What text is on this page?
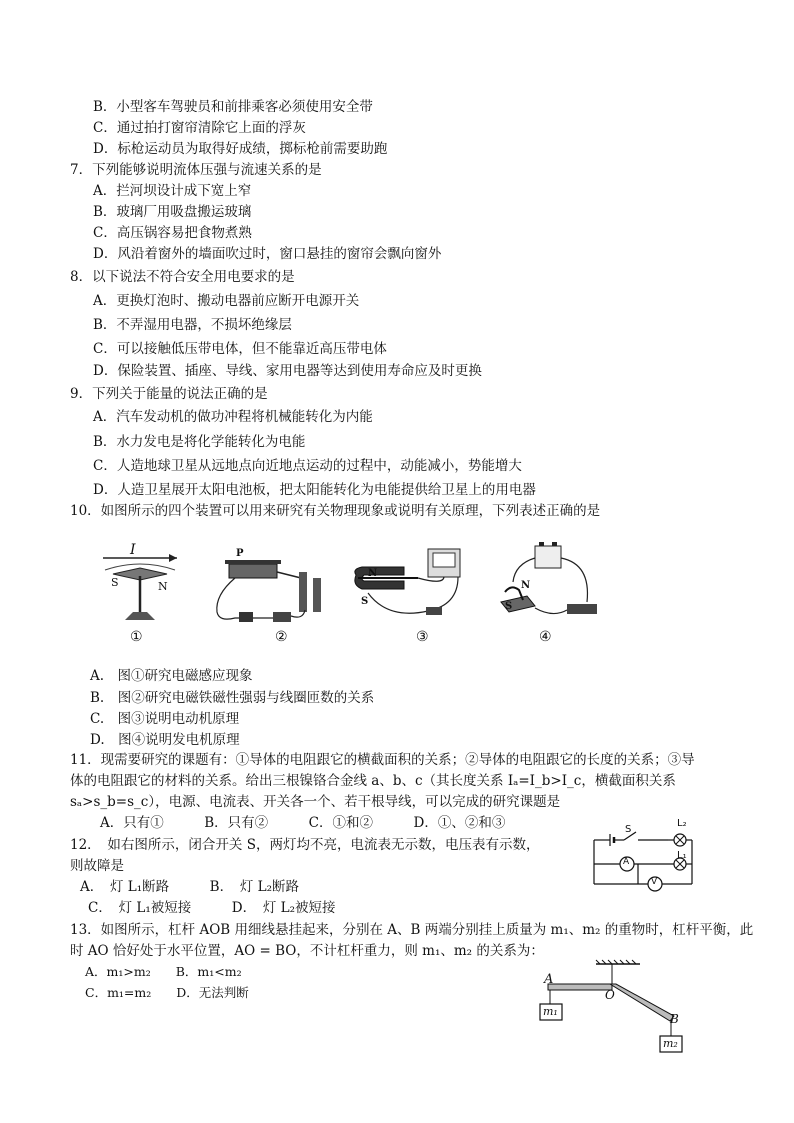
B．小型客车驾驶员和前排乘客必须使用安全带
C．通过拍打窗帘清除它上面的浮灰
D．标枪运动员为取得好成绩，掷标枪前需要助跑
7．下列能够说明流体压强与流速关系的是
A．拦河坝设计成下宽上窄
B．玻璃厂用吸盘搬运玻璃
C．高压锅容易把食物煮熟
D．风沿着窗外的墙面吹过时，窗口悬挂的窗帘会飘向窗外
8．以下说法不符合安全用电要求的是
A．更换灯泡时、搬动电器前应断开电源开关
B．不弄湿用电器，不损坏绝缘层
C．可以接触低压带电体，但不能靠近高压带电体
D．保险装置、插座、导线、家用电器等达到使用寿命应及时更换
9．下列关于能量的说法正确的是
A．汽车发动机的做功冲程将机械能转化为内能
B．水力发电是将化学能转化为电能
C．人造地球卫星从远地点向近地点运动的过程中，动能减小，势能增大
D．人造卫星展开太阳电池板，把太阳能转化为电能提供给卫星上的用电器
10．如图所示的四个装置可以用来研究有关物理现象或说明有关原理，下列表述正确的是
I
S	N
P
N
S
N
S
①	②	③	④
A.　图①研究电磁感应现象
B.　图②研究电磁铁磁性强弱与线圈匝数的关系
C.　图③说明电动机原理
D.　图④说明发电机原理
11．现需要研究的课题有：①导体的电阻跟它的横截面积的关系；②导体的电阻跟它的长度的关系；③导
体的电阻跟它的材料的关系。给出三根镍铬合金线 a、b、c（其长度关系 Iₐ=I_b>I_c，横截面积关系
sₐ>s_b=s_c），电源、电流表、开关各一个、若干根导线，可以完成的研究课题是
A．只有①　　　B．只有②　　　C．①和②　　　D．①、②和③
12．　如右图所示，闭合开关 S，两灯均不亮，电流表无示数，电压表有示数，
则故障是
A．　灯 L₁断路　　　B．　灯 L₂断路
C．　灯 L₁被短接　　　D．　灯 L₂被短接
S
L₂
L₁
A
V
13．如图所示，杠杆 AOB 用细线悬挂起来，分别在 A、B 两端分别挂上质量为 m₁、m₂ 的重物时，杠杆平衡，此
时 AO 恰好处于水平位置，AO = BO，不计杠杆重力，则 m₁、m₂ 的关系为：
A．m₁>m₂　　B．m₁<m₂
C．m₁=m₂　　D．无法判断
A
O
B
m₁
m₂
